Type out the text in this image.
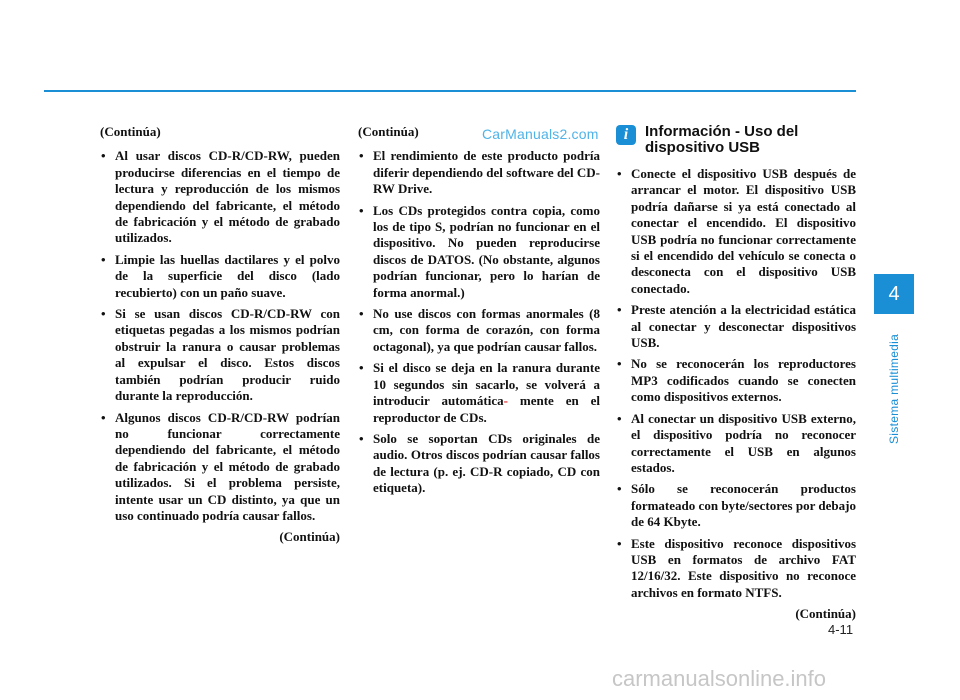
CarManuals2.com

(Continúa)

• Al usar discos CD-R/CD-RW, pueden producirse diferencias en el tiempo de lectura y reproducción de los mismos dependiendo del fabricante, el método de fabricación y el método de grabado utilizados.
• Limpie las huellas dactilares y el polvo de la superficie del disco (lado recubierto) con un paño suave.
• Si se usan discos CD-R/CD-RW con etiquetas pegadas a los mismos podrían obstruir la ranura o causar problemas al expulsar el disco. Estos discos también podrían producir ruido durante la reproducción.
• Algunos discos CD-R/CD-RW podrían no funcionar correctamente dependiendo del fabricante, el método de fabricación y el método de grabado utilizados. Si el problema persiste, intente usar un CD distinto, ya que un uso continuado podría causar fallos.

(Continúa)

(Continúa)

• El rendimiento de este producto podría diferir dependiendo del software del CD-RW Drive.
• Los CDs protegidos contra copia, como los de tipo S, podrían no funcionar en el dispositivo. No pueden reproducirse discos de DATOS. (No obstante, algunos podrían funcionar, pero lo harían de forma anormal.)
• No use discos con formas anormales (8 cm, con forma de corazón, con forma octagonal), ya que podrían causar fallos.
• Si el disco se deja en la ranura durante 10 segundos sin sacarlo, se volverá a introducir automática- mente en el reproductor de CDs.
• Solo se soportan CDs originales de audio. Otros discos podrían causar fallos de lectura (p. ej. CD-R copiado, CD con etiqueta).
i	Información - Uso del dispositivo USB
• Conecte el dispositivo USB después de arrancar el motor. El dispositivo USB podría dañarse si ya está conectado al conectar el encendido. El dispositivo USB podría no funcionar correctamente si el encendido del vehículo se conecta o desconecta con el dispositivo USB conectado.
• Preste atención a la electricidad estática al conectar y desconectar dispositivos USB.
• No se reconocerán los reproductores MP3 codificados cuando se conecten como dispositivos externos.
• Al conectar un dispositivo USB externo, el dispositivo podría no reconocer correctamente el USB en algunos estados.
• Sólo se reconocerán productos formateado con byte/sectores por debajo de 64 Kbyte.
• Este dispositivo reconoce dispositivos USB en formatos de archivo FAT 12/16/32. Este dispositivo no reconoce archivos en formato NTFS.

(Continúa)

4
Sistema multimedia
4-11
carmanualsonline.info
